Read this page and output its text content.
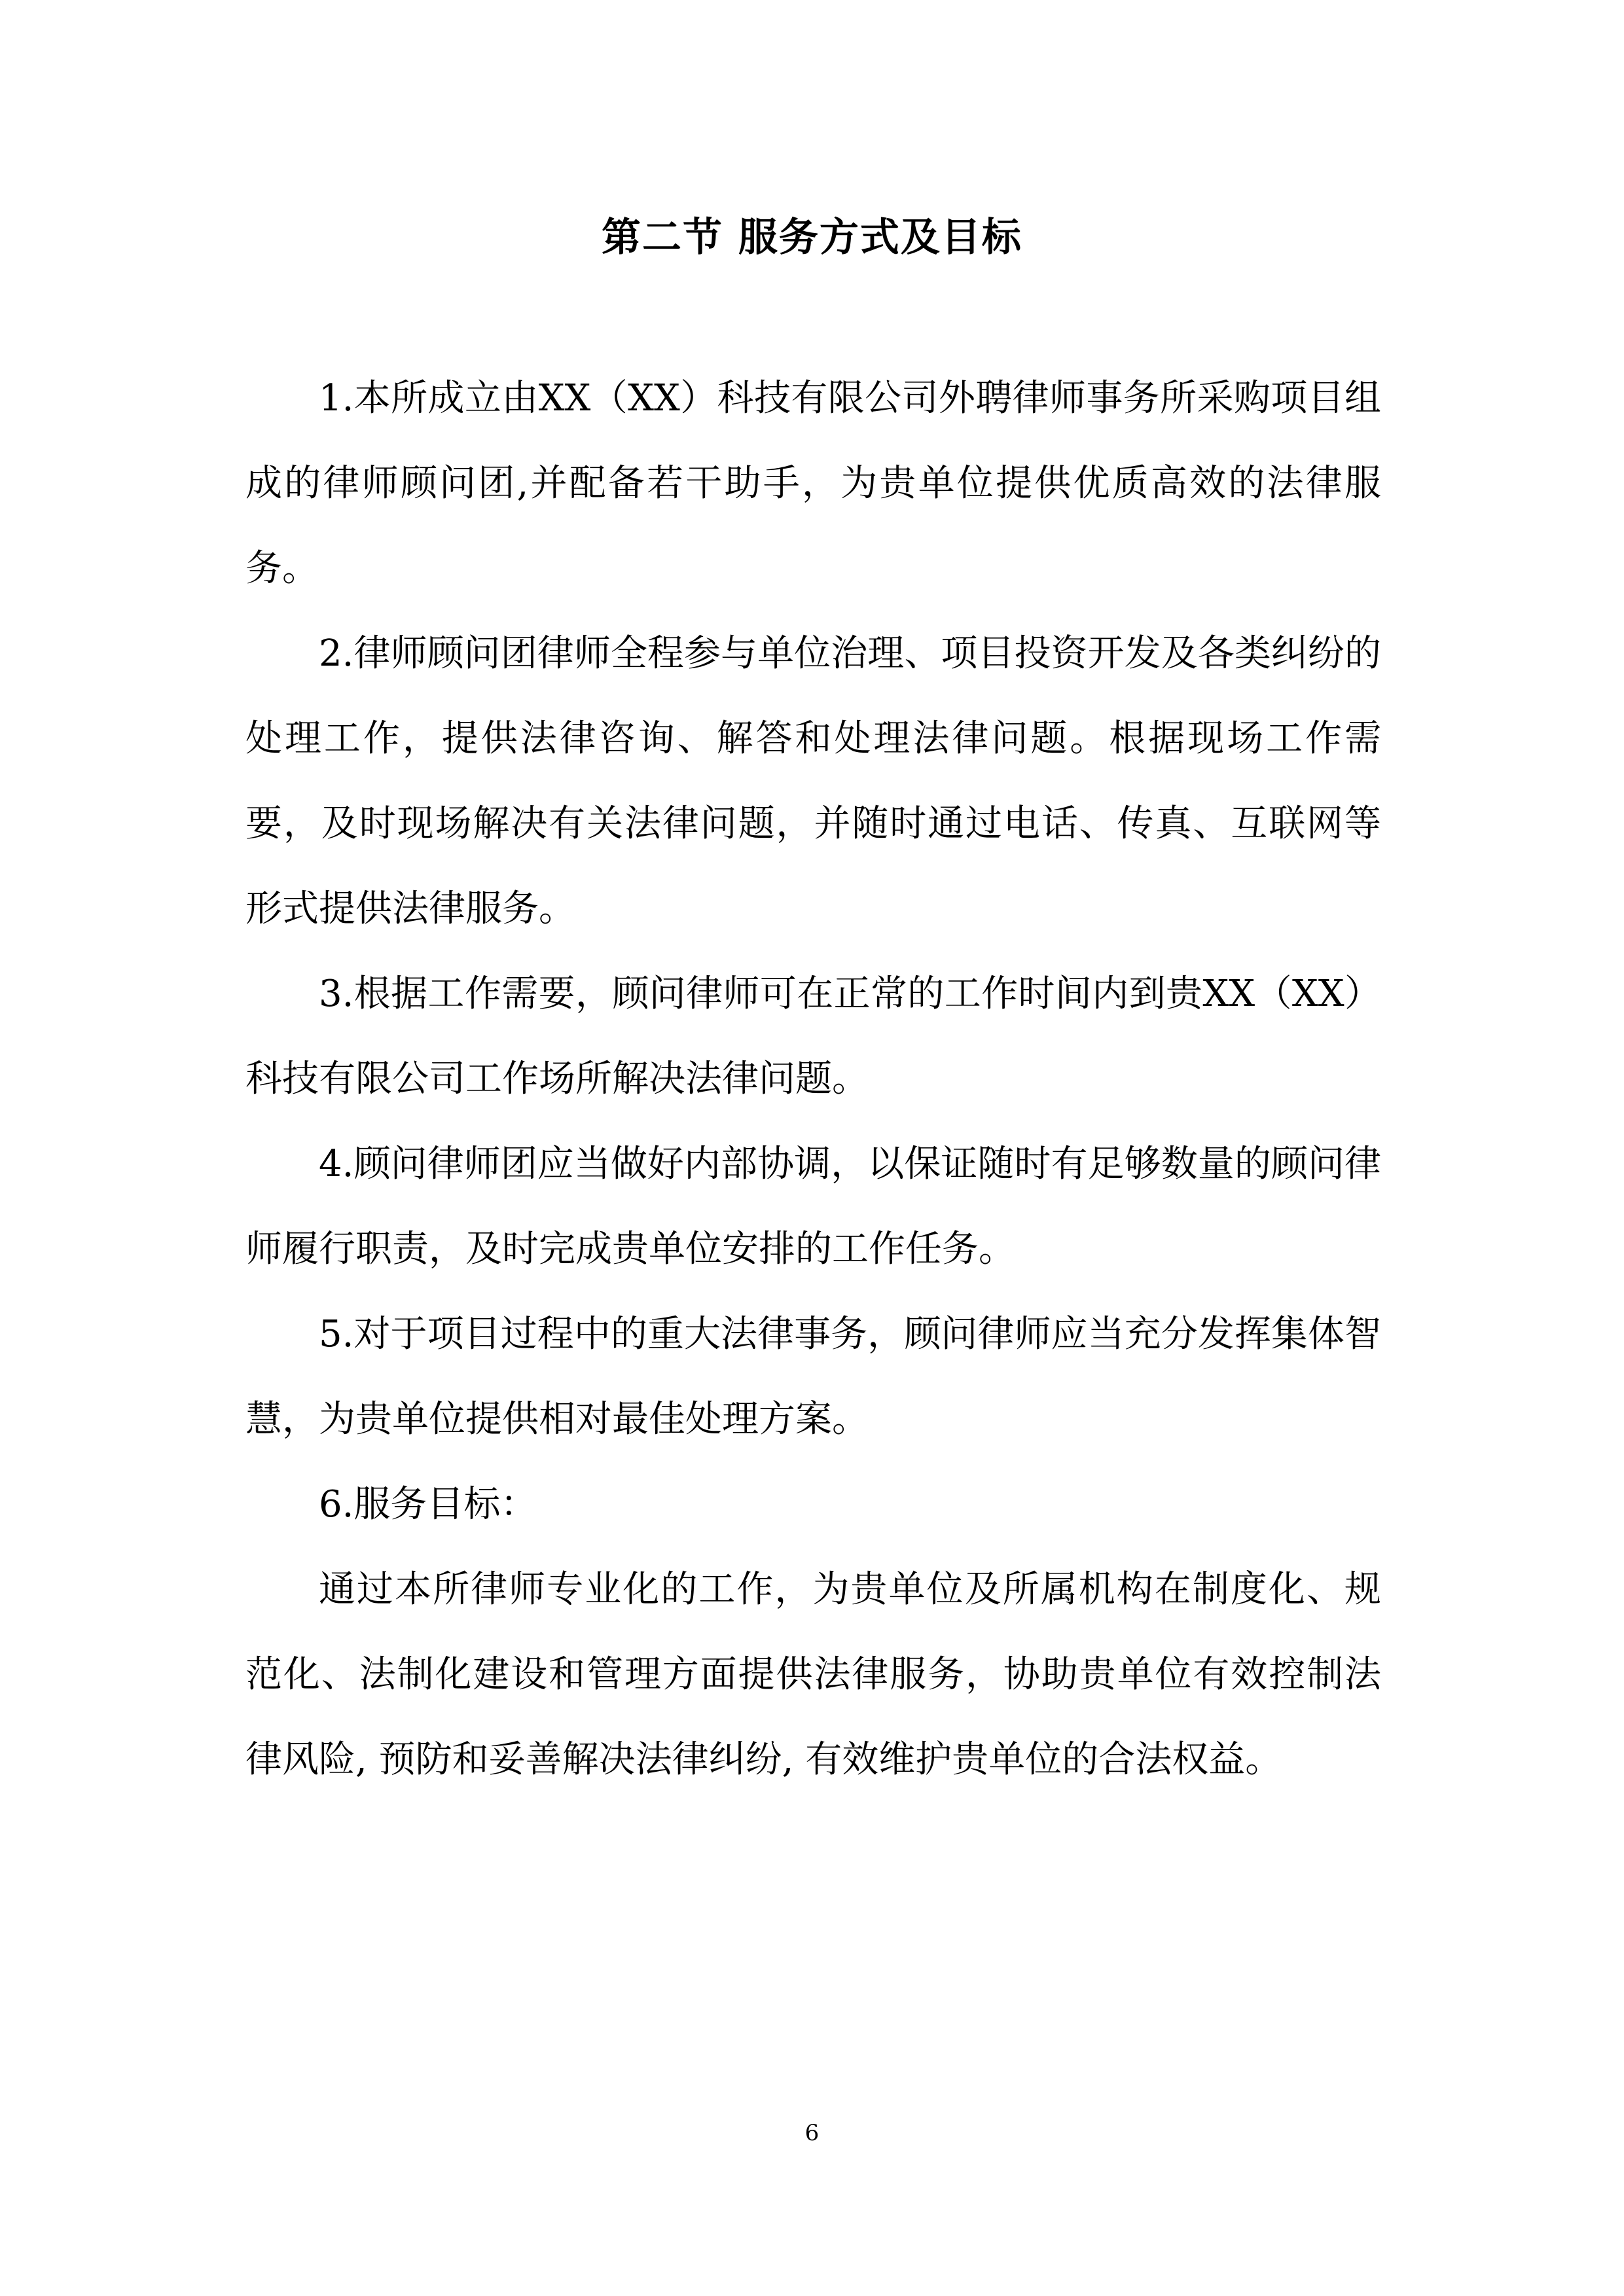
第二节 服务方式及目标

1.本所成立由XX（XX）科技有限公司外聘律师事务所采购项目组成的律师顾问团,并配备若干助手，为贵单位提供优质高效的法律服务。

2.律师顾问团律师全程参与单位治理、项目投资开发及各类纠纷的处理工作，提供法律咨询、解答和处理法律问题。根据现场工作需要，及时现场解决有关法律问题，并随时通过电话、传真、互联网等形式提供法律服务。

3.根据工作需要，顾问律师可在正常的工作时间内到贵XX（XX）科技有限公司工作场所解决法律问题。

4.顾问律师团应当做好内部协调，以保证随时有足够数量的顾问律师履行职责，及时完成贵单位安排的工作任务。

5.对于项目过程中的重大法律事务，顾问律师应当充分发挥集体智慧，为贵单位提供相对最佳处理方案。

6.服务目标：

通过本所律师专业化的工作，为贵单位及所属机构在制度化、规范化、法制化建设和管理方面提供法律服务，协助贵单位有效控制法律风险, 预防和妥善解决法律纠纷, 有效维护贵单位的合法权益。

6
